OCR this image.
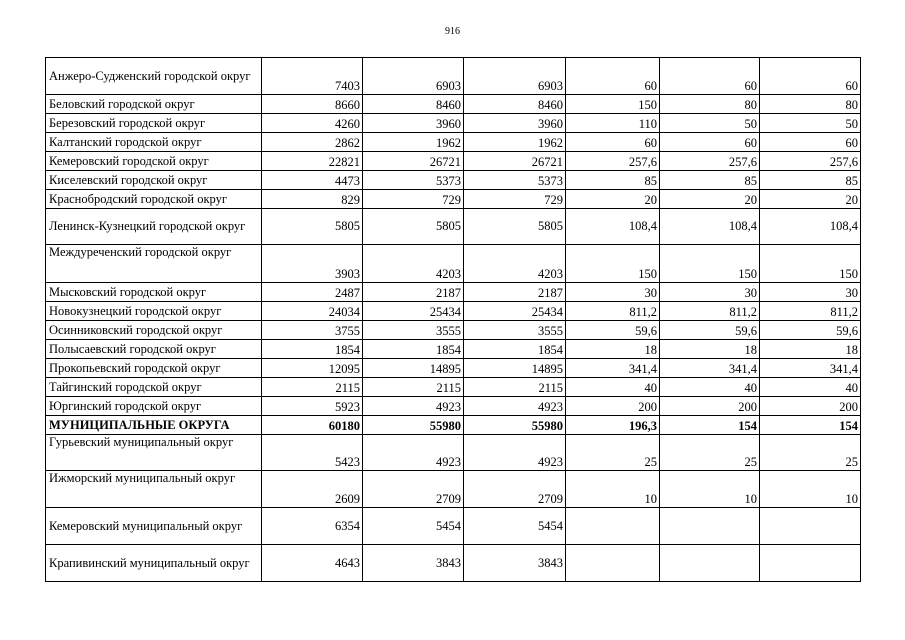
916
Анжеро-Судженский городской округ	7403	6903	6903	60	60	60
Беловский городской округ	8660	8460	8460	150	80	80
Березовский городской округ	4260	3960	3960	110	50	50
Калтанский городской округ	2862	1962	1962	60	60	60
Кемеровский городской округ	22821	26721	26721	257,6	257,6	257,6
Киселевский городской округ	4473	5373	5373	85	85	85
Краснобродский городской округ	829	729	729	20	20	20
Ленинск-Кузнецкий городской округ	5805	5805	5805	108,4	108,4	108,4
Междуреченский городской округ	3903	4203	4203	150	150	150
Мысковский городской округ	2487	2187	2187	30	30	30
Новокузнецкий городской округ	24034	25434	25434	811,2	811,2	811,2
Осинниковский городской округ	3755	3555	3555	59,6	59,6	59,6
Полысаевский городской округ	1854	1854	1854	18	18	18
Прокопьевский городской округ	12095	14895	14895	341,4	341,4	341,4
Тайгинский городской округ	2115	2115	2115	40	40	40
Юргинский городской округ	5923	4923	4923	200	200	200
МУНИЦИПАЛЬНЫЕ ОКРУГА	60180	55980	55980	196,3	154	154
Гурьевский муниципальный округ	5423	4923	4923	25	25	25
Ижморский муниципальный округ	2609	2709	2709	10	10	10
Кемеровский муниципальный округ	6354	5454	5454			
Крапивинский муниципальный округ	4643	3843	3843			
